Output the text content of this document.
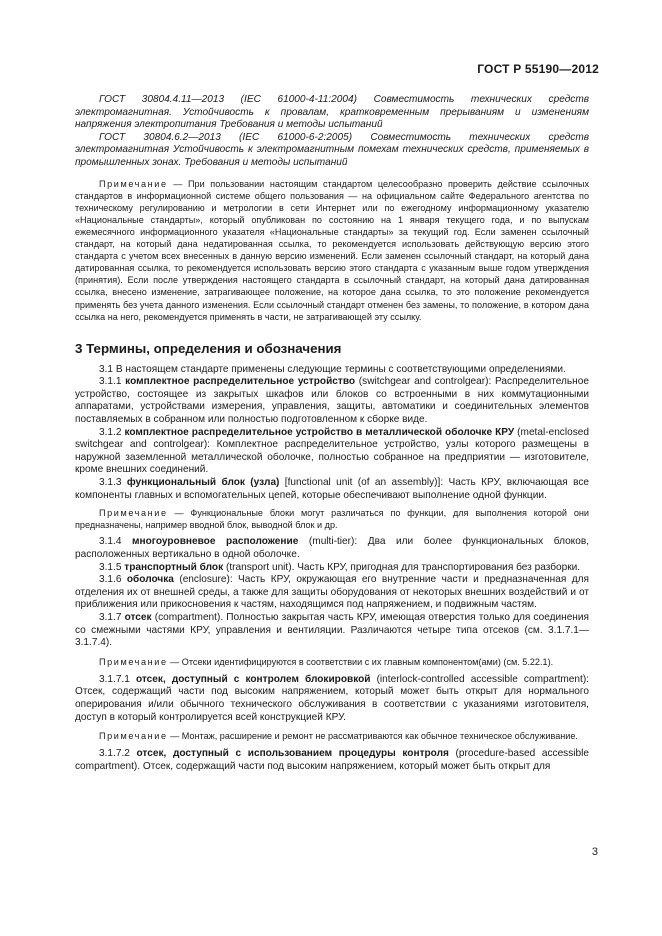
ГОСТ Р 55190—2012

ГОСТ 30804.4.11—2013 (IEC 61000-4-11:2004) Совместимость технических средств электромагнитная. Устойчивость к провалам, кратковременным прерываниям и изменениям напряжения электропитания Требования и методы испытаний

ГОСТ 30804.6.2—2013 (IEC 61000-6-2:2005) Совместимость технических средств электромагнитная Устойчивость к электромагнитным помехам технических средств, применяемых в промышленных зонах. Требования и методы испытаний

Примечание — При пользовании настоящим стандартом целесообразно проверить действие ссылочных стандартов в информационной системе общего пользования — на официальном сайте Федерального агентства по техническому регулированию и метрологии в сети Интернет или по ежегодному информационному указателю «Национальные стандарты», который опубликован по состоянию на 1 января текущего года, и по выпускам ежемесячного информационного указателя «Национальные стандарты» за текущий год. Если заменен ссылочный стандарт, на который дана недатированная ссылка, то рекомендуется использовать действующую версию этого стандарта с учетом всех внесенных в данную версию изменений. Если заменен ссылочный стандарт, на который дана датированная ссылка, то рекомендуется использовать версию этого стандарта с указанным выше годом утверждения (принятия). Если после утверждения настоящего стандарта в ссылочный стандарт, на который дана датированная ссылка, внесено изменение, затрагивающее положение, на которое дана ссылка, то это положение рекомендуется применять без учета данного изменения. Если ссылочный стандарт отменен без замены, то положение, в котором дана ссылка на него, рекомендуется применять в части, не затрагивающей эту ссылку.

3 Термины, определения и обозначения

3.1 В настоящем стандарте применены следующие термины с соответствующими определениями.

3.1.1 комплектное распределительное устройство (switchgear and controlgear): Распределительное устройство, состоящее из закрытых шкафов или блоков со встроенными в них коммутационными аппаратами, устройствами измерения, управления, защиты, автоматики и соединительных элементов поставляемых в собранном или полностью подготовленном к сборке виде.

3.1.2 комплектное распределительное устройство в металлической оболочке КРУ (metal-enclosed switchgear and controlgear): Комплектное распределительное устройство, узлы которого размещены в наружной заземленной металлической оболочке, полностью собранное на предприятии — изготовителе, кроме внешних соединений.

3.1.3 функциональный блок (узла) [functional unit (of an assembly)]: Часть КРУ, включающая все компоненты главных и вспомогательных цепей, которые обеспечивают выполнение одной функции.

Примечание — Функциональные блоки могут различаться по функции, для выполнения которой они предназначены, например вводной блок, выводной блок и др.

3.1.4 многоуровневое расположение (multi-tier): Два или более функциональных блоков, расположенных вертикально в одной оболочке.

3.1.5 транспортный блок (transport unit). Часть КРУ, пригодная для транспортирования без разборки.

3.1.6 оболочка (enclosure): Часть КРУ, окружающая его внутренние части и предназначенная для отделения их от внешней среды, а также для защиты оборудования от некоторых внешних воздействий и от приближения или прикосновения к частям, находящимся под напряжением, и подвижным частям.

3.1.7 отсек (compartment). Полностью закрытая часть КРУ, имеющая отверстия только для соединения со смежными частями КРУ, управления и вентиляции. Различаются четыре типа отсеков (см. 3.1.7.1—3.1.7.4).

Примечание — Отсеки идентифицируются в соответствии с их главным компонентом(ами) (см. 5.22.1).

3.1.7.1 отсек, доступный с контролем блокировкой (interlock-controlled accessible compartment): Отсек, содержащий части под высоким напряжением, который может быть открыт для нормального оперирования и/или обычного технического обслуживания в соответствии с указаниями изготовителя, доступ в который контролируется всей конструкцией КРУ.

Примечание — Монтаж, расширение и ремонт не рассматриваются как обычное техническое обслуживание.

3.1.7.2 отсек, доступный с использованием процедуры контроля (procedure-based accessible compartment). Отсек, содержащий части под высоким напряжением, который может быть открыт для

3
